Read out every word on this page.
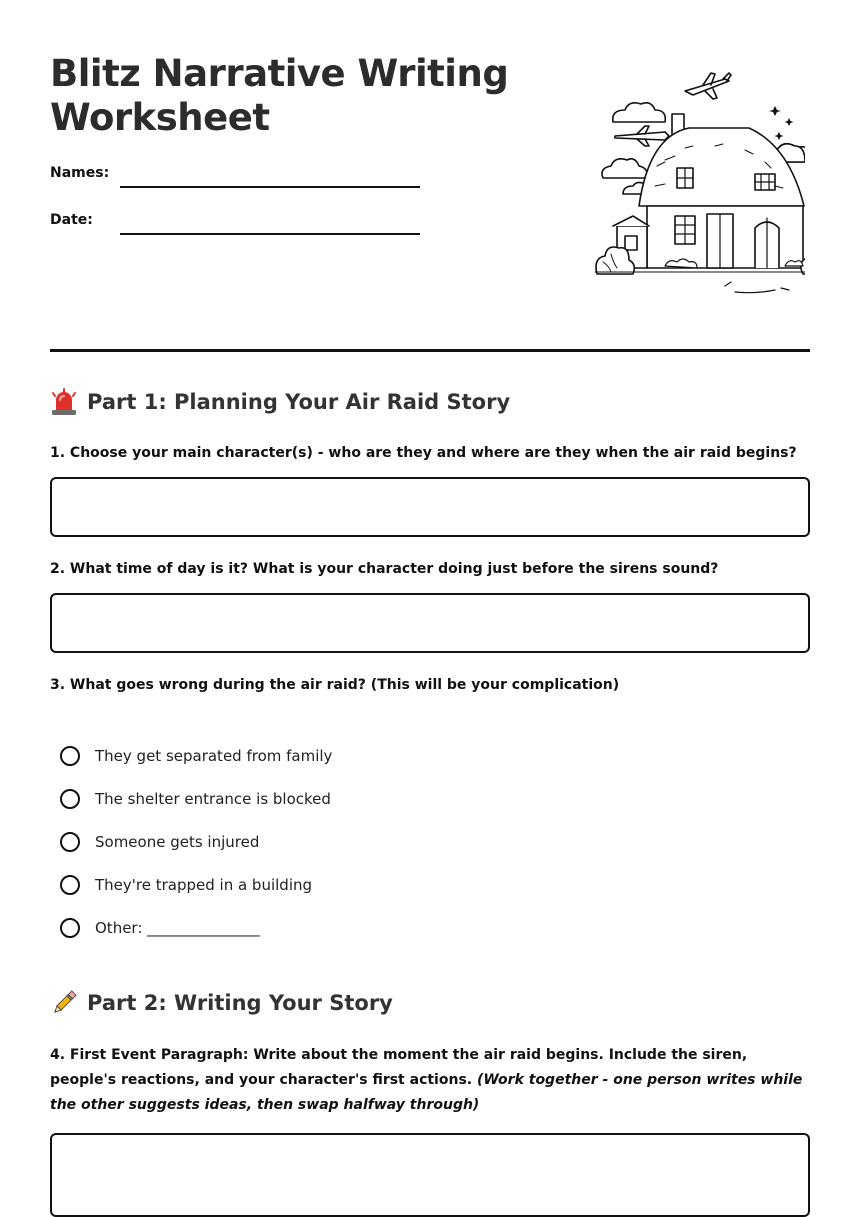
Blitz Narrative Writing Worksheet
Names:
Date:
Part 1: Planning Your Air Raid Story

1. Choose your main character(s) - who are they and where are they when the air raid begins?

2. What time of day is it? What is your character doing just before the sirens sound?

3. What goes wrong during the air raid? (This will be your complication)

They get separated from family
The shelter entrance is blocked
Someone gets injured
They're trapped in a building
Other: _______________
Part 2: Writing Your Story

4. First Event Paragraph: Write about the moment the air raid begins. Include the siren, people's reactions, and your character's first actions. (Work together - one person writes while the other suggests ideas, then swap halfway through)
